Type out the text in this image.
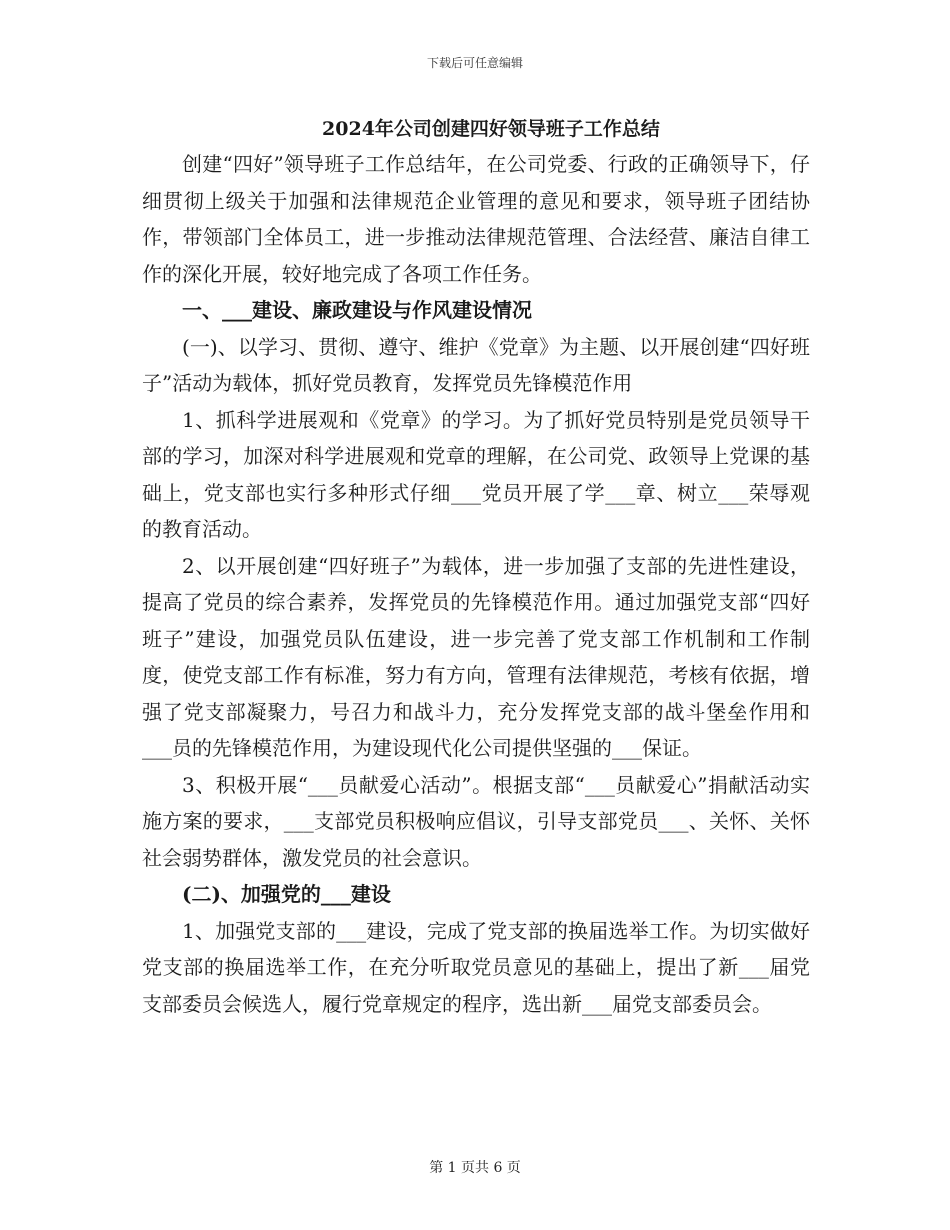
下载后可任意编辑
2024年公司创建四好领导班子工作总结

创建“四好”领导班子工作总结年，在公司党委、行政的正确领导下，仔细贯彻上级关于加强和法律规范企业管理的意见和要求，领导班子团结协作，带领部门全体员工，进一步推动法律规范管理、合法经营、廉洁自律工作的深化开展，较好地完成了各项工作任务。

一、___建设、廉政建设与作风建设情况

(一)、以学习、贯彻、遵守、维护《党章》为主题、以开展创建“四好班子”活动为载体，抓好党员教育，发挥党员先锋模范作用

1、抓科学进展观和《党章》的学习。为了抓好党员特别是党员领导干部的学习，加深对科学进展观和党章的理解，在公司党、政领导上党课的基础上，党支部也实行多种形式仔细___党员开展了学___章、树立___荣辱观的教育活动。

2、以开展创建“四好班子”为载体，进一步加强了支部的先进性建设，提高了党员的综合素养，发挥党员的先锋模范作用。通过加强党支部“四好班子”建设，加强党员队伍建设，进一步完善了党支部工作机制和工作制度，使党支部工作有标准，努力有方向，管理有法律规范，考核有依据，增强了党支部凝聚力，号召力和战斗力，充分发挥党支部的战斗堡垒作用和___员的先锋模范作用，为建设现代化公司提供坚强的___保证。

3、积极开展“___员献爱心活动”。根据支部“___员献爱心”捐献活动实施方案的要求，___支部党员积极响应倡议，引导支部党员___、关怀、关怀社会弱势群体，激发党员的社会意识。

(二)、加强党的___建设

1、加强党支部的___建设，完成了党支部的换届选举工作。为切实做好党支部的换届选举工作，在充分听取党员意见的基础上，提出了新___届党支部委员会候选人，履行党章规定的程序，选出新___届党支部委员会。

第 1 页共 6 页
